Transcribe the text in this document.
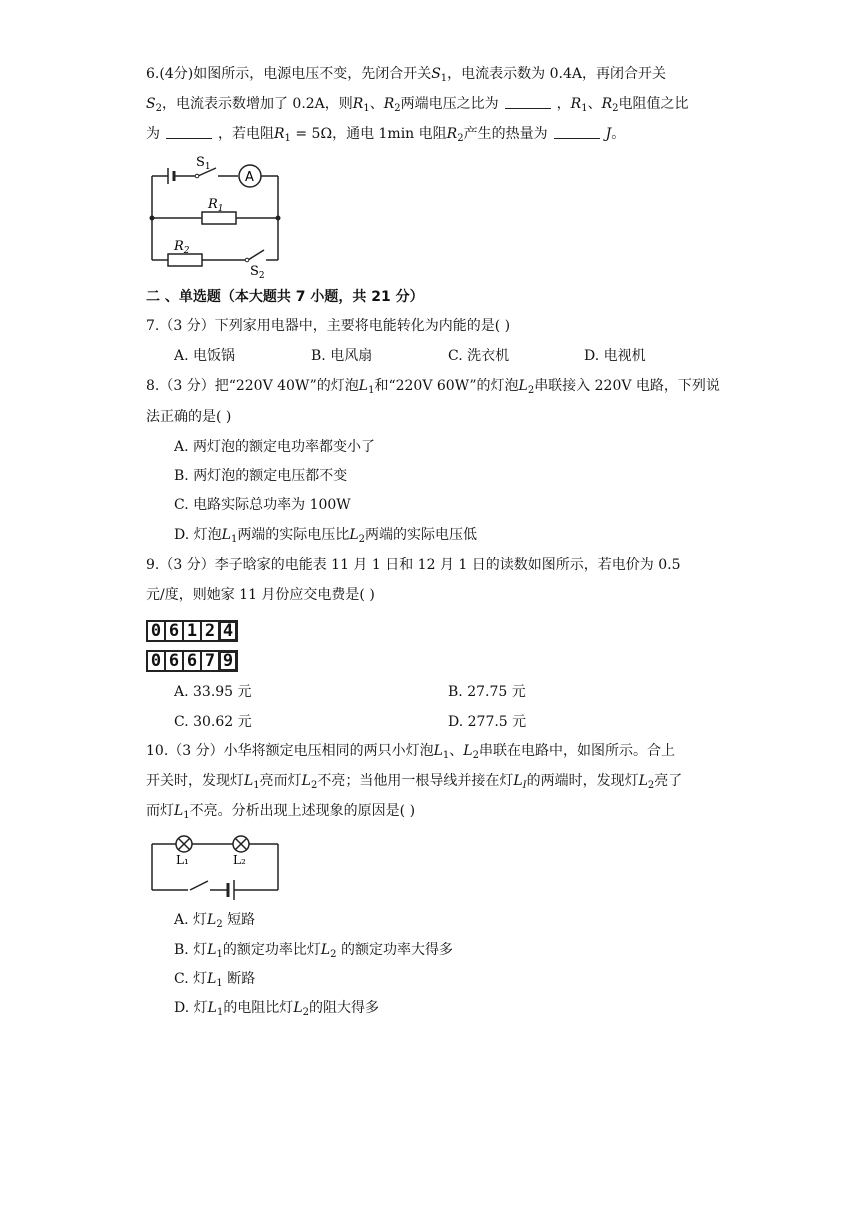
6.(4分)如图所示，电源电压不变，先闭合开关$S_1$，电流表示数为 0.4A，再闭合开关
$S_2$，电流表示数增加了 0.2A，则$R_1$、$R_2$两端电压之比为	，$R_1$、$R_2$电阻值之比
为	，若电阻$R_1 = 5\Omega$，通电 1min 电阻$R_2$产生的热量为	J。
$S_1$
A
$R_1$
$R_2$
$S_2$
二 、单选题（本大题共 7 小题，共 21 分）
7.（3 分）下列家用电器中，主要将电能转化为内能的是( )
A. 电饭锅	B. 电风扇	C. 洗衣机	D. 电视机
8.（3 分）把“220V 40W”的灯泡$L_1$和“220V 60W”的灯泡$L_2$串联接入 220V 电路，下列说
法正确的是( )
A. 两灯泡的额定电功率都变小了
B. 两灯泡的额定电压都不变
C. 电路实际总功率为 100W
D. 灯泡$L_1$两端的实际电压比$L_2$两端的实际电压低
9.（3 分）李子晗家的电能表 11 月 1 日和 12 月 1 日的读数如图所示，若电价为 0.5
元/度，则她家 11 月份应交电费是( )
0 6 1 2 4
0 6 6 7 9
A. 33.95 元	B. 27.75 元
C. 30.62 元	D. 277.5 元
10.（3 分）小华将额定电压相同的两只小灯泡$L_1$、$L_2$串联在电路中，如图所示。合上
开关时，发现灯$L_1$亮而灯$L_2$不亮；当他用一根导线并接在灯$L_I$的两端时，发现灯$L_2$亮了
而灯$L_1$不亮。分析出现上述现象的原因是( )
L₁	L₂
A. 灯$L_2$ 短路
B. 灯$L_1$的额定功率比灯$L_2$ 的额定功率大得多
C. 灯$L_1$ 断路
D. 灯$L_1$的电阻比灯$L_2$的阻大得多
